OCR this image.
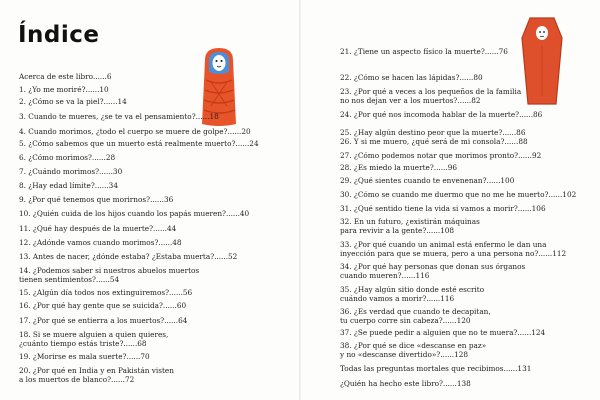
Índice
Acerca de este libro......6
1. ¿Yo me moriré?......10
2. ¿Cómo se va la piel?......14
3. Cuando te mueres, ¿se te va el pensamiento?......18
4. Cuando morimos, ¿todo el cuerpo se muere de golpe?......20
5. ¿Cómo sabemos que un muerto está realmente muerto?......24
6. ¿Cómo morimos?......28
7. ¿Cuándo morimos?......30
8. ¿Hay edad límite?......34
9. ¿Por qué tenemos que morirnos?......36
10. ¿Quién cuida de los hijos cuando los papás mueren?......40
11. ¿Qué hay después de la muerte?......44
12. ¿Adónde vamos cuando morimos?......48
13. Antes de nacer, ¿dónde estaba? ¿Estaba muerta?......52
14. ¿Podemos saber si nuestros abuelos muertos
tienen sentimientos?......54
15. ¿Algún día todos nos extinguiremos?......56
16. ¿Por qué hay gente que se suicida?......60
17. ¿Por qué se entierra a los muertos?......64
18. Si se muere alguien a quien quieres,
¿cuánto tiempo estás triste?......68
19. ¿Morirse es mala suerte?......70
20. ¿Por qué en India y en Pakistán visten
a los muertos de blanco?......72
21. ¿Tiene un aspecto físico la muerte?......76
22. ¿Cómo se hacen las lápidas?......80
23. ¿Por qué a veces a los pequeños de la familia
no nos dejan ver a los muertos?......82
24. ¿Por qué nos incomoda hablar de la muerte?......86
25. ¿Hay algún destino peor que la muerte?......86
26. Y si me muero, ¿qué será de mi consola?......88
27. ¿Cómo podemos notar que morimos pronto?......92
28. ¿Es miedo la muerte?......96
29. ¿Qué sientes cuando te envenenan?......100
30. ¿Cómo se cuando me duermo que no me he muerto?......102
31. ¿Qué sentido tiene la vida si vamos a morir?......106
32. En un futuro, ¿existirán máquinas
para revivir a la gente?......108
33. ¿Por qué cuando un animal está enfermo le dan una
inyección para que se muera, pero a una persona no?......112
34. ¿Por qué hay personas que donan sus órganos
cuando mueren?......116
35. ¿Hay algún sitio donde esté escrito
cuándo vamos a morir?......116
36. ¿Es verdad que cuando te decapitan,
tu cuerpo corre sin cabeza?......120
37. ¿Se puede pedir a alguien que no te muera?......124
38. ¿Por qué se dice «descanse en paz»
y no «descanse divertido»?......128
Todas las preguntas mortales que recibimos......131
¿Quién ha hecho este libro?......138
